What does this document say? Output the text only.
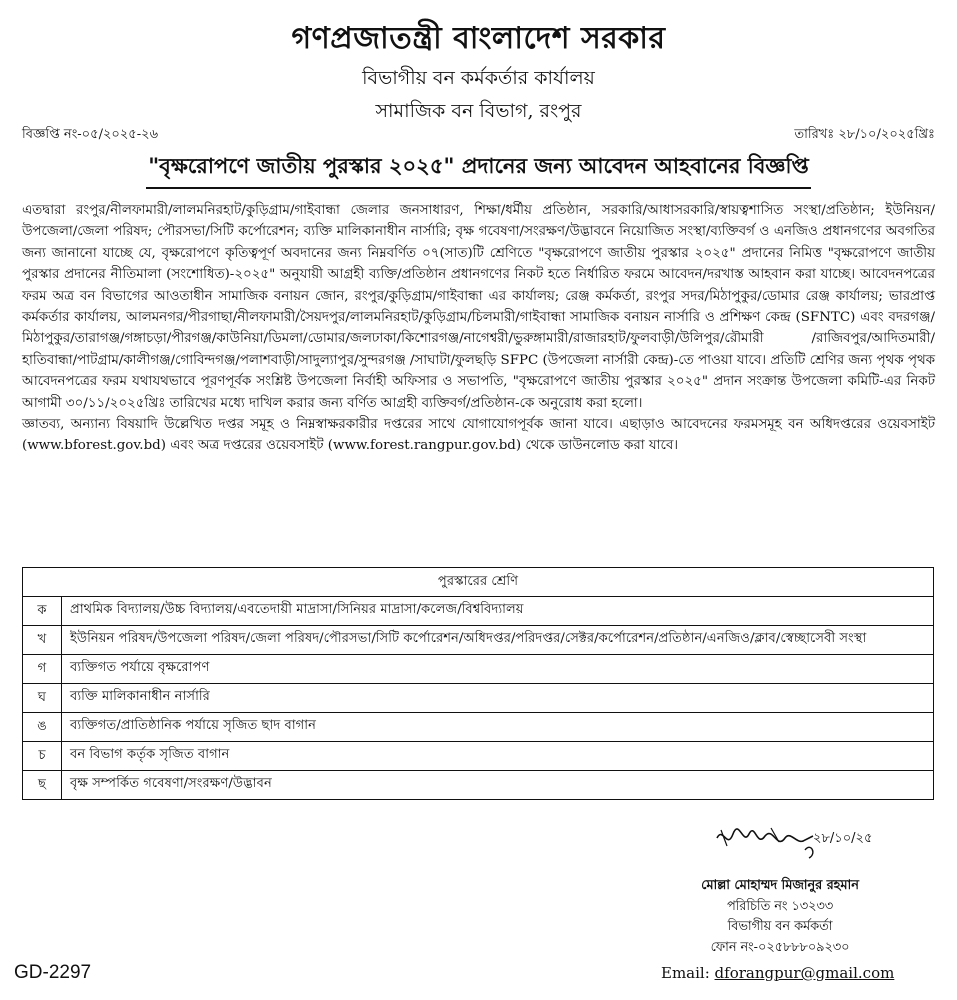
গণপ্রজাতন্ত্রী বাংলাদেশ সরকার
বিভাগীয় বন কর্মকর্তার কার্যালয়
সামাজিক বন বিভাগ, রংপুর
বিজ্ঞপ্তি নং-০৫/২০২৫-২৬	তারিখঃ ২৮/১০/২০২৫খ্রিঃ
"বৃক্ষরোপণে জাতীয় পুরস্কার ২০২৫" প্রদানের জন্য আবেদন আহবানের বিজ্ঞপ্তি

এতদ্বারা রংপুর/নীলফামারী/লালমনিরহাট/কুড়িগ্রাম/গাইবান্ধা জেলার জনসাধারণ, শিক্ষা/ধর্মীয় প্রতিষ্ঠান, সরকারি/আধাসরকারি/স্বায়ত্বশাসিত সংস্থা/প্রতিষ্ঠান; ইউনিয়ন/উপজেলা/জেলা পরিষদ; পৌরসভা/সিটি কর্পোরেশন; ব্যক্তি মালিকানাধীন নার্সারি; বৃক্ষ গবেষণা/সংরক্ষণ/উদ্ভাবনে নিয়োজিত সংস্থা/ব্যক্তিবর্গ ও এনজিও প্রধানগণের অবগতির জন্য জানানো যাচ্ছে যে, বৃক্ষরোপণে কৃতিত্বপূর্ণ অবদানের জন্য নিম্নবর্ণিত ০৭(সাত)টি শ্রেণিতে "বৃক্ষরোপণে জাতীয় পুরস্কার ২০২৫" প্রদানের নিমিত্ত "বৃক্ষরোপণে জাতীয় পুরস্কার প্রদানের নীতিমালা (সংশোধিত)-২০২৫" অনুযায়ী আগ্রহী ব্যক্তি/প্রতিষ্ঠান প্রধানগণের নিকট হতে নির্ধারিত ফরমে আবেদন/দরখাস্ত আহবান করা যাচ্ছে। আবেদনপত্রের ফরম অত্র বন বিভাগের আওতাধীন সামাজিক বনায়ন জোন, রংপুর/কুড়িগ্রাম/গাইবান্ধা এর কার্যালয়; রেঞ্জ কর্মকর্তা, রংপুর সদর/মিঠাপুকুর/ডোমার রেঞ্জ কার্যালয়; ভারপ্রাপ্ত কর্মকর্তার কার্যালয়, আলমনগর/পীরগাছা/নীলফামারী/সৈয়দপুর/লালমনিরহাট/কুড়িগ্রাম/চিলমারী/গাইবান্ধা সামাজিক বনায়ন নার্সারি ও প্রশিক্ষণ কেন্দ্র (SFNTC) এবং বদরগঞ্জ/মিঠাপুকুর/তারাগঞ্জ/গঙ্গাচড়া/পীরগঞ্জ/কাউনিয়া/ডিমলা/ডোমার/জলঢাকা/কিশোরগঞ্জ/নাগেশ্বরী/ভুরুঙ্গামারী/রাজারহাট/ফুলবাড়ী/উলিপুর/রৌমারী /রাজিবপুর/আদিতমারী/হাতিবান্ধা/পাটগ্রাম/কালীগঞ্জ/গোবিন্দগঞ্জ/পলাশবাড়ী/সাদুল্যাপুর/সুন্দরগঞ্জ /সাঘাটা/ফুলছড়ি SFPC (উপজেলা নার্সারী কেন্দ্র)-তে পাওয়া যাবে। প্রতিটি শ্রেণির জন্য পৃথক পৃথক আবেদনপত্রের ফরম যথাযথভাবে পূরণপূর্বক সংশ্লিষ্ট উপজেলা নির্বাহী অফিসার ও সভাপতি, "বৃক্ষরোপণে জাতীয় পুরস্কার ২০২৫" প্রদান সংক্রান্ত উপজেলা কমিটি-এর নিকট আগামী ৩০/১১/২০২৫খ্রিঃ তারিখের মধ্যে দাখিল করার জন্য বর্ণিত আগ্রহী ব্যক্তিবর্গ/প্রতিষ্ঠান-কে অনুরোধ করা হলো।

জ্ঞাতব্য, অন্যান্য বিষয়াদি উল্লেখিত দপ্তর সমূহ ও নিম্নস্বাক্ষরকারীর দপ্তরের সাথে যোগাযোগপূর্বক জানা যাবে। এছাড়াও আবেদনের ফরমসমূহ বন অধিদপ্তরের ওয়েবসাইট (www.bforest.gov.bd) এবং অত্র দপ্তরের ওয়েবসাইট (www.forest.rangpur.gov.bd) থেকে ডাউনলোড করা যাবে।

পুরস্কারের শ্রেণি	
ক	প্রাথমিক বিদ্যালয়/উচ্চ বিদ্যালয়/এবতেদায়ী মাদ্রাসা/সিনিয়র মাদ্রাসা/কলেজ/বিশ্ববিদ্যালয়
খ	ইউনিয়ন পরিষদ/উপজেলা পরিষদ/জেলা পরিষদ/পৌরসভা/সিটি কর্পোরেশন/অধিদপ্তর/পরিদপ্তর/সেক্টর/কর্পোরেশন/প্রতিষ্ঠান/এনজিও/ক্লাব/স্বেচ্ছাসেবী সংস্থা
গ	ব্যক্তিগত পর্যায়ে বৃক্ষরোপণ
ঘ	ব্যক্তি মালিকানাধীন নার্সারি
ঙ	ব্যক্তিগত/প্রাতিষ্ঠানিক পর্যায়ে সৃজিত ছাদ বাগান
চ	বন বিভাগ কর্তৃক সৃজিত বাগান
ছ	বৃক্ষ সম্পর্কিত গবেষণা/সংরক্ষণ/উদ্ভাবন
২৮/১০/২৫
মোল্লা মোহাম্মদ মিজানুর রহমান
পরিচিতি নং ১৩২৩৩
বিভাগীয় বন কর্মকর্তা
ফোন নং-০২৫৮৮৮০৯২৩০
Email: dforangpur@gmail.com
GD-2297
